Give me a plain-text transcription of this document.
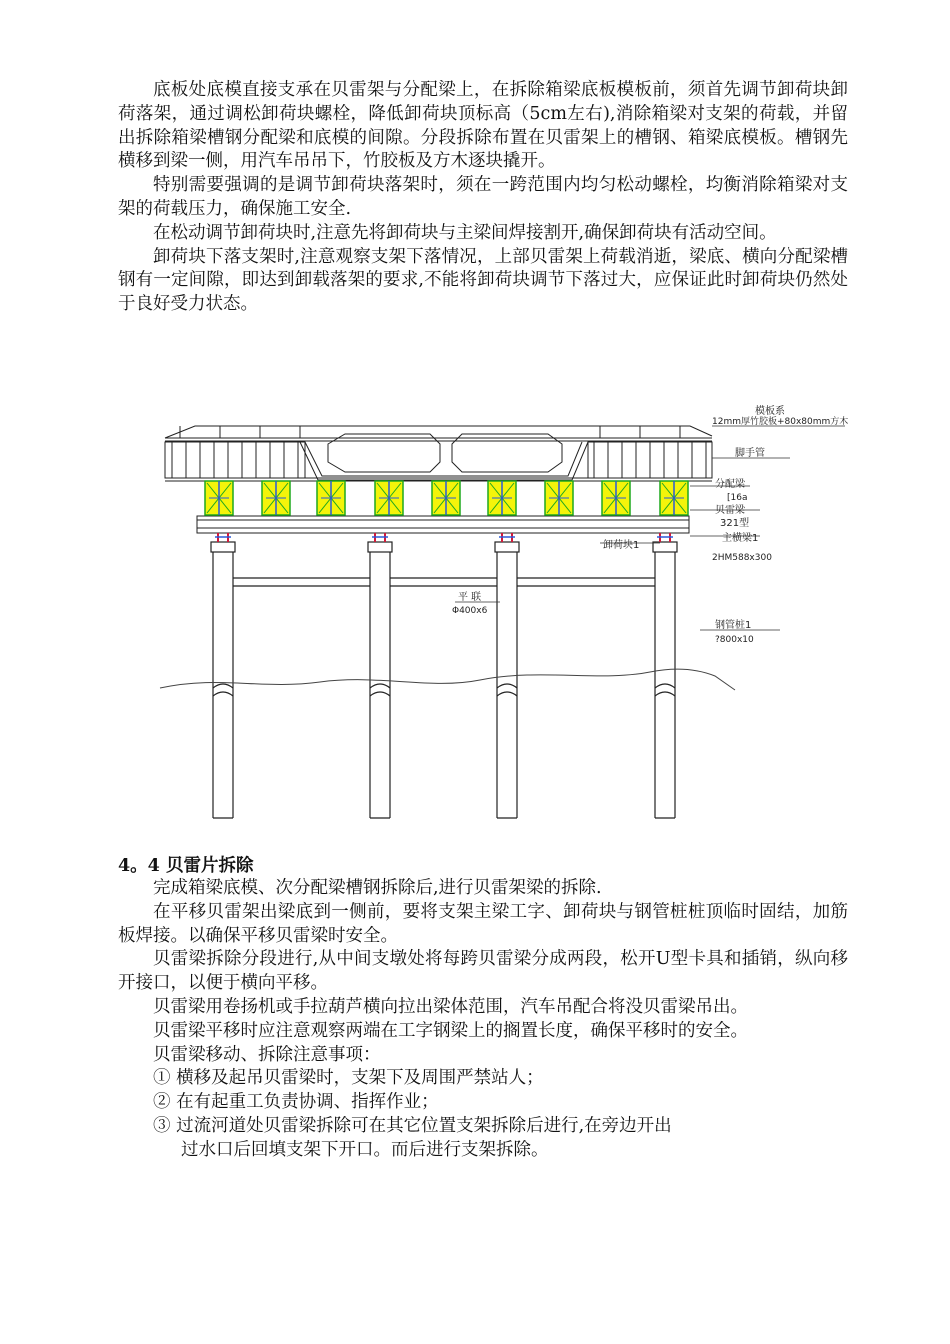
底板处底模直接支承在贝雷架与分配梁上，在拆除箱梁底板模板前，须首先调节卸荷块卸荷落架，通过调松卸荷块螺栓，降低卸荷块顶标高（5cm左右),消除箱梁对支架的荷载，并留出拆除箱梁槽钢分配梁和底模的间隙。分段拆除布置在贝雷架上的槽钢、箱梁底模板。槽钢先横移到梁一侧，用汽车吊吊下，竹胶板及方木逐块撬开。

特别需要强调的是调节卸荷块落架时，须在一跨范围内均匀松动螺栓，均衡消除箱梁对支架的荷载压力，确保施工安全.

在松动调节卸荷块时,注意先将卸荷块与主梁间焊接割开,确保卸荷块有活动空间。

卸荷块下落支架时,注意观察支架下落情况，上部贝雷架上荷载消逝，梁底、横向分配梁槽钢有一定间隙，即达到卸载落架的要求,不能将卸荷块调节下落过大，应保证此时卸荷块仍然处于良好受力状态。

模板系
12mm厚竹胶板+80x80mm方木
脚手管
分配梁
[16a
贝雷梁
321型
主横梁1
2HM588x300
卸荷块1
平 联
Φ400x6
钢管桩1
?800x10
4。4 贝雷片拆除

完成箱梁底模、次分配梁槽钢拆除后,进行贝雷架梁的拆除.

在平移贝雷架出梁底到一侧前，要将支架主梁工字、卸荷块与钢管桩桩顶临时固结，加筋板焊接。以确保平移贝雷梁时安全。

贝雷梁拆除分段进行,从中间支墩处将每跨贝雷梁分成两段，松开U型卡具和插销，纵向移开接口，以便于横向平移。

贝雷梁用卷扬机或手拉葫芦横向拉出梁体范围，汽车吊配合将没贝雷梁吊出。

贝雷梁平移时应注意观察两端在工字钢梁上的搁置长度，确保平移时的安全。

贝雷梁移动、拆除注意事项：

① 横移及起吊贝雷梁时，支架下及周围严禁站人；
② 在有起重工负责协调、指挥作业；
③ 过流河道处贝雷梁拆除可在其它位置支架拆除后进行,在旁边开出
过水口后回填支架下开口。而后进行支架拆除。
